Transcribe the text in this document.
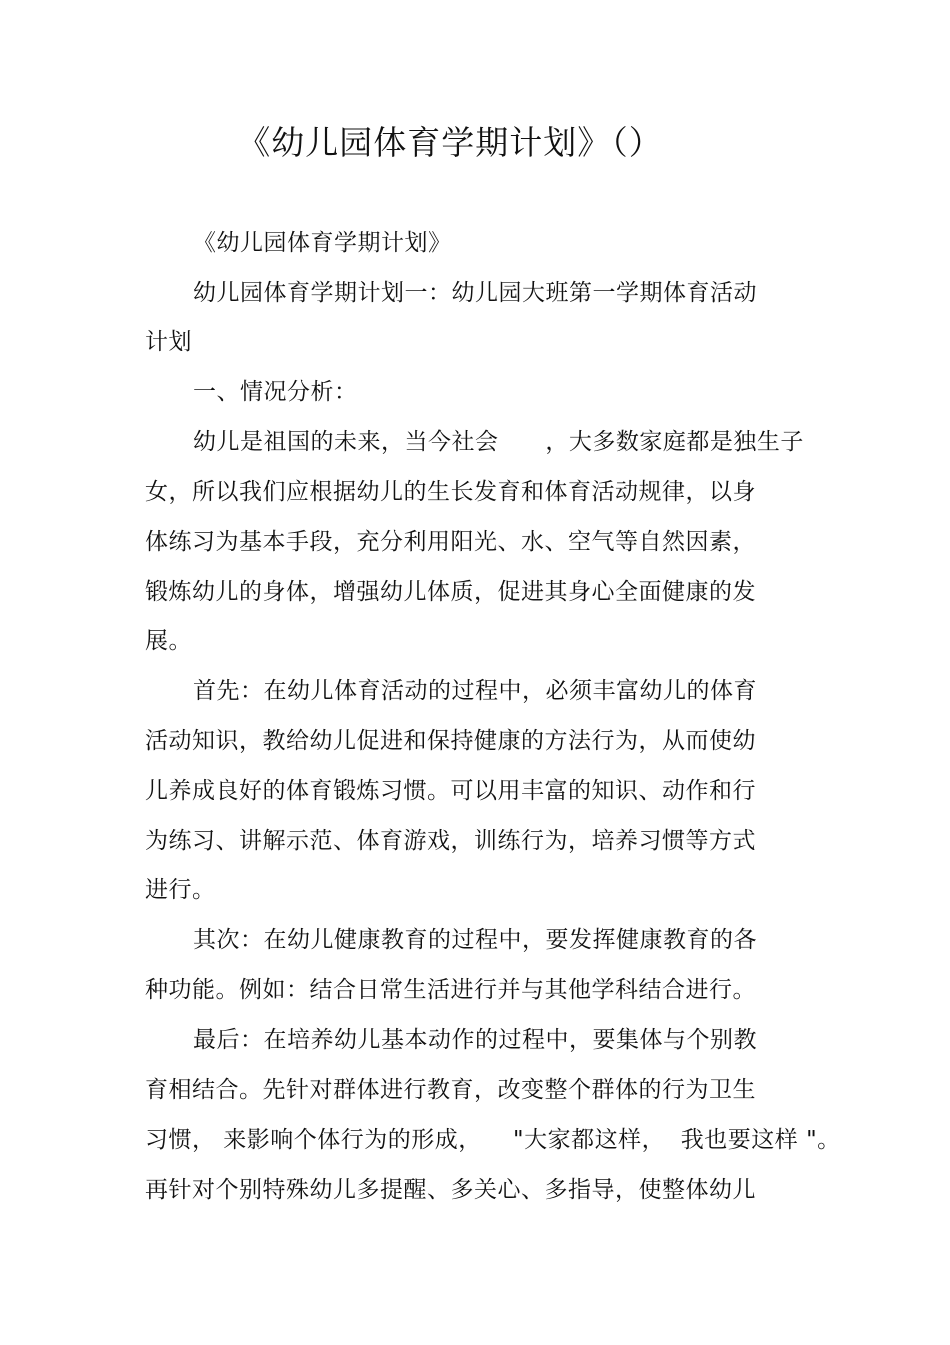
《幼儿园体育学期计划》（）
《幼儿园体育学期计划》
幼儿园体育学期计划一：幼儿园大班第一学期体育活动
计划
一、情况分析：
幼儿是祖国的未来，当今社会      ，大多数家庭都是独生子
女，所以我们应根据幼儿的生长发育和体育活动规律，以身
体练习为基本手段，充分利用阳光、水、空气等自然因素，
锻炼幼儿的身体，增强幼儿体质，促进其身心全面健康的发
展。
首先：在幼儿体育活动的过程中，必须丰富幼儿的体育
活动知识，教给幼儿促进和保持健康的方法行为，从而使幼
儿养成良好的体育锻炼习惯。可以用丰富的知识、动作和行
为练习、讲解示范、体育游戏，训练行为，培养习惯等方式
进行。
其次：在幼儿健康教育的过程中，要发挥健康教育的各
种功能。例如：结合日常生活进行并与其他学科结合进行。
最后：在培养幼儿基本动作的过程中，要集体与个别教
育相结合。先针对群体进行教育，改变整个群体的行为卫生
习惯， 来影响个体行为的形成，    "大家都这样，  我也要这样 "。
再针对个别特殊幼儿多提醒、多关心、多指导，使整体幼儿
